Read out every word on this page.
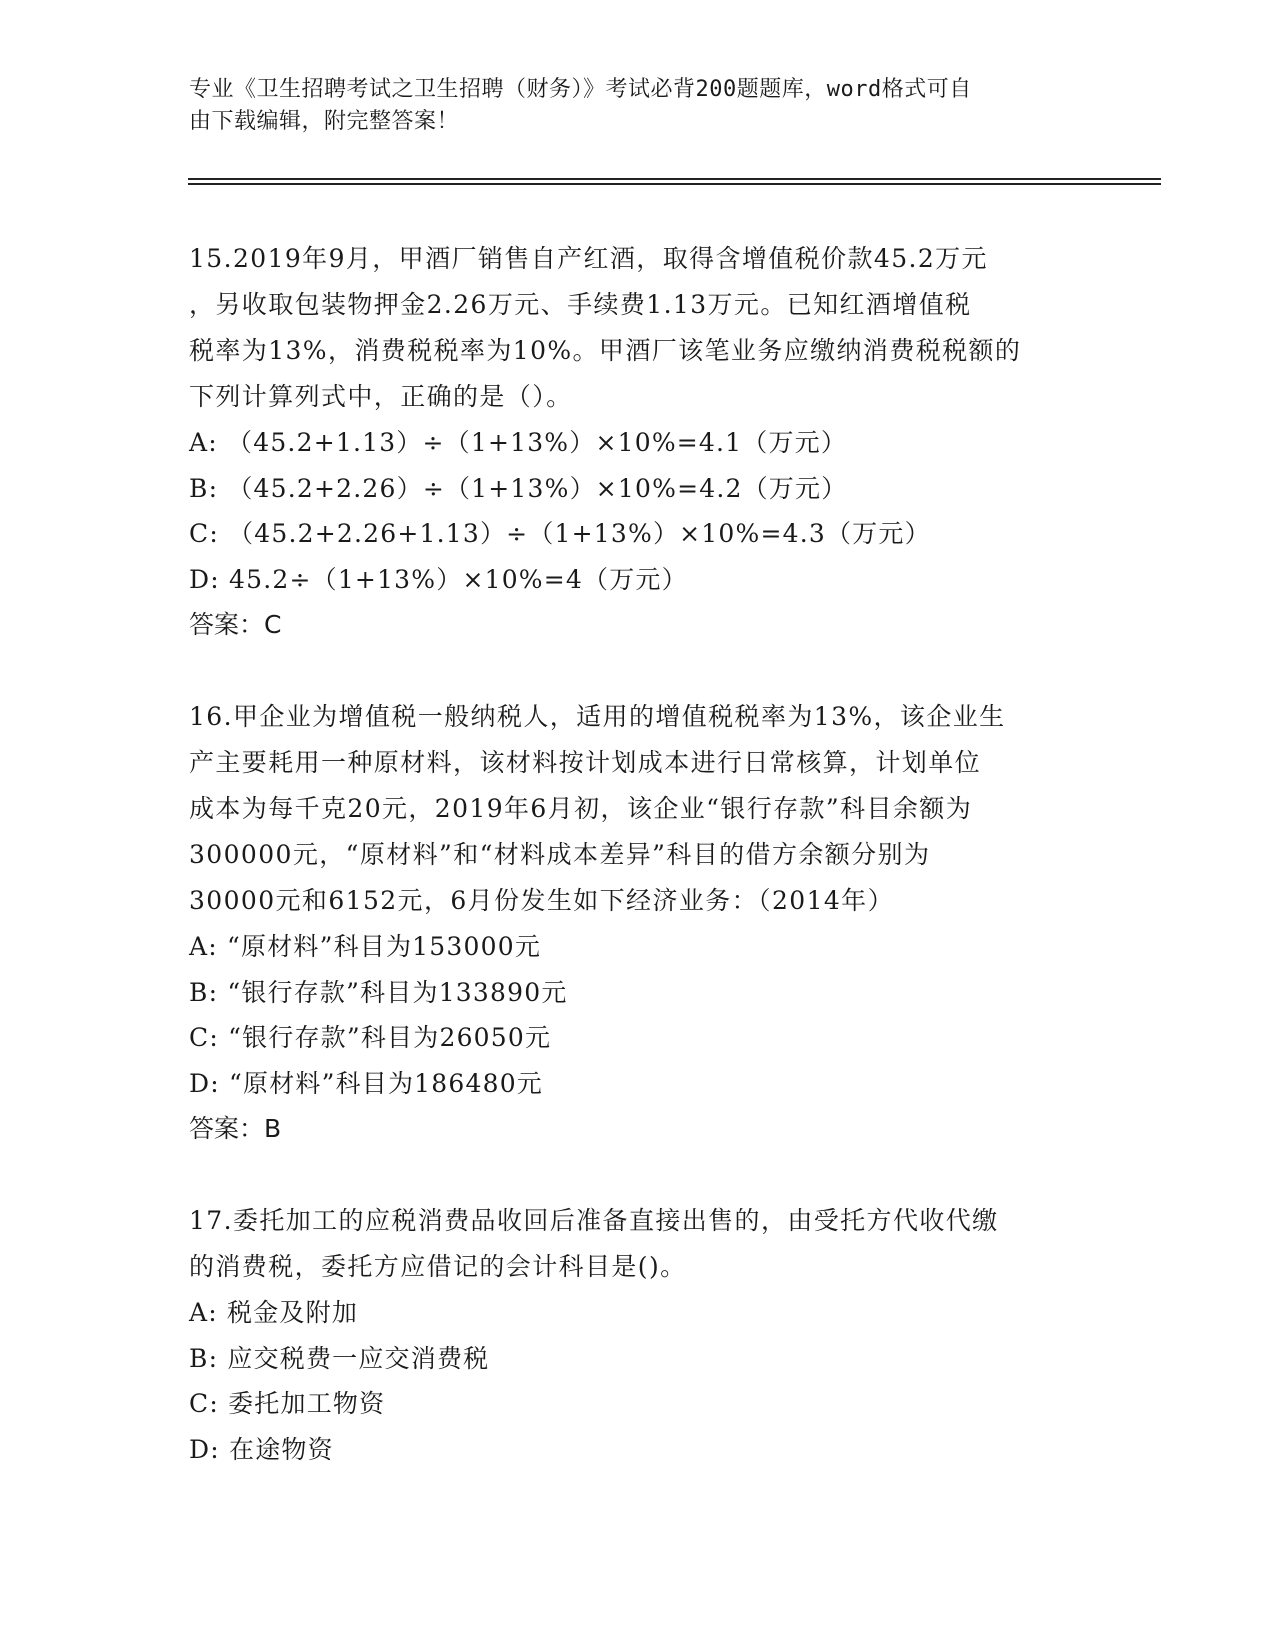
专业《卫生招聘考试之卫生招聘（财务）》考试必背200题题库，word格式可自
由下载编辑，附完整答案！

15.2019年9月，甲酒厂销售自产红酒，取得含增值税价款45.2万元

，另收取包装物押金2.26万元、手续费1.13万元。已知红酒增值税

税率为13%，消费税税率为10%。甲酒厂该笔业务应缴纳消费税税额的

下列计算列式中，正确的是（）。

A: （45.2+1.13）÷（1+13%）×10%=4.1（万元）

B: （45.2+2.26）÷（1+13%）×10%=4.2（万元）

C: （45.2+2.26+1.13）÷（1+13%）×10%=4.3（万元）

D: 45.2÷（1+13%）×10%=4（万元）

答案：C

16.甲企业为增值税一般纳税人，适用的增值税税率为13%，该企业生

产主要耗用一种原材料，该材料按计划成本进行日常核算，计划单位

成本为每千克20元，2019年6月初，该企业“银行存款”科目余额为

300000元，“原材料”和“材料成本差异”科目的借方余额分别为

30000元和6152元，6月份发生如下经济业务：（2014年）

A: “原材料”科目为153000元

B: “银行存款”科目为133890元

C: “银行存款”科目为26050元

D: “原材料”科目为186480元

答案：B

17.委托加工的应税消费品收回后准备直接出售的，由受托方代收代缴

的消费税，委托方应借记的会计科目是()。

A: 税金及附加

B: 应交税费一应交消费税

C: 委托加工物资

D: 在途物资
